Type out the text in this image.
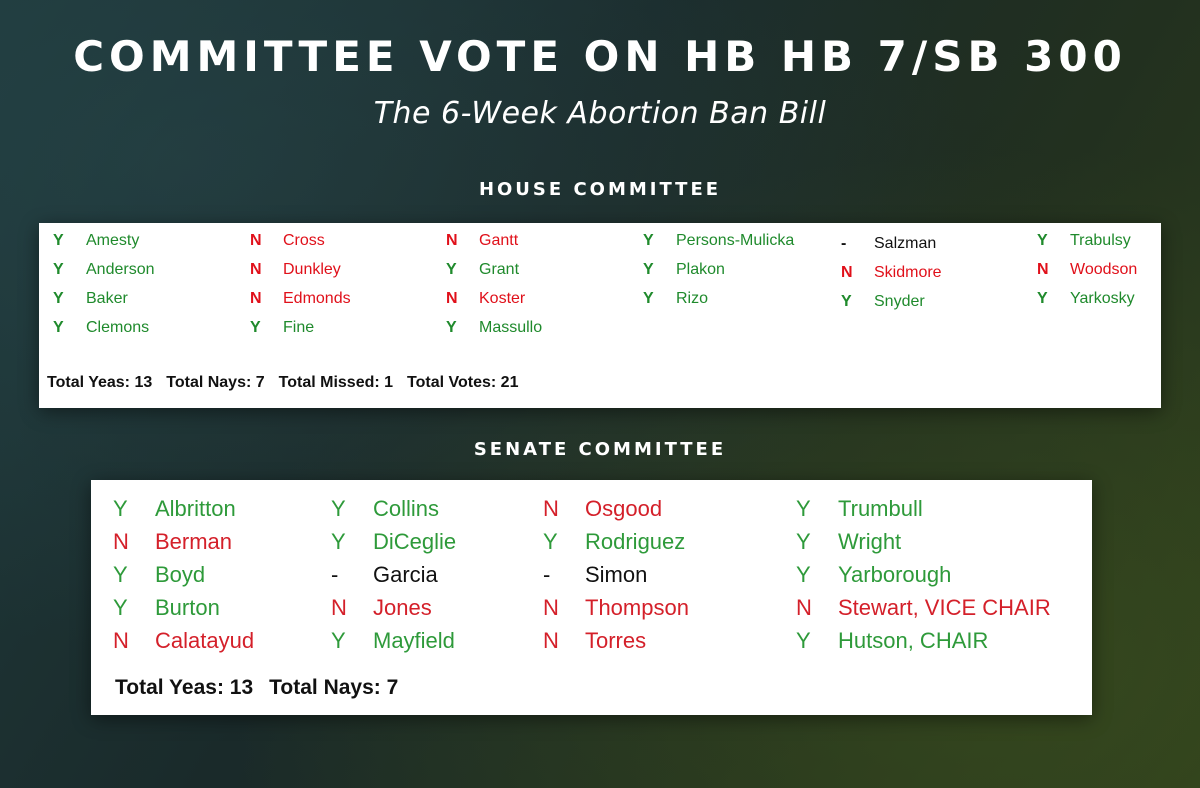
COMMITTEE VOTE ON HB HB 7/SB 300

The 6-Week Abortion Ban Bill

HOUSE COMMITTEE
Y Amesty
Y Anderson
Y Baker
Y Clemons
N Cross
N Dunkley
N Edmonds
Y Fine
N Gantt
Y Grant
N Koster
Y Massullo
Y Persons-Mulicka
Y Plakon
Y Rizo
- Salzman
N Skidmore
Y Snyder
Y Trabulsy
N Woodson
Y Yarkosky
Total Yeas: 13 Total Nays: 7 Total Missed: 1 Total Votes: 21
SENATE COMMITTEE
Y Albritton
N Berman
Y Boyd
Y Burton
N Calatayud
Y Collins
Y DiCeglie
- Garcia
N Jones
Y Mayfield
N Osgood
Y Rodriguez
- Simon
N Thompson
N Torres
Y Trumbull
Y Wright
Y Yarborough
N Stewart, VICE CHAIR
Y Hutson, CHAIR
Total Yeas: 13 Total Nays: 7
